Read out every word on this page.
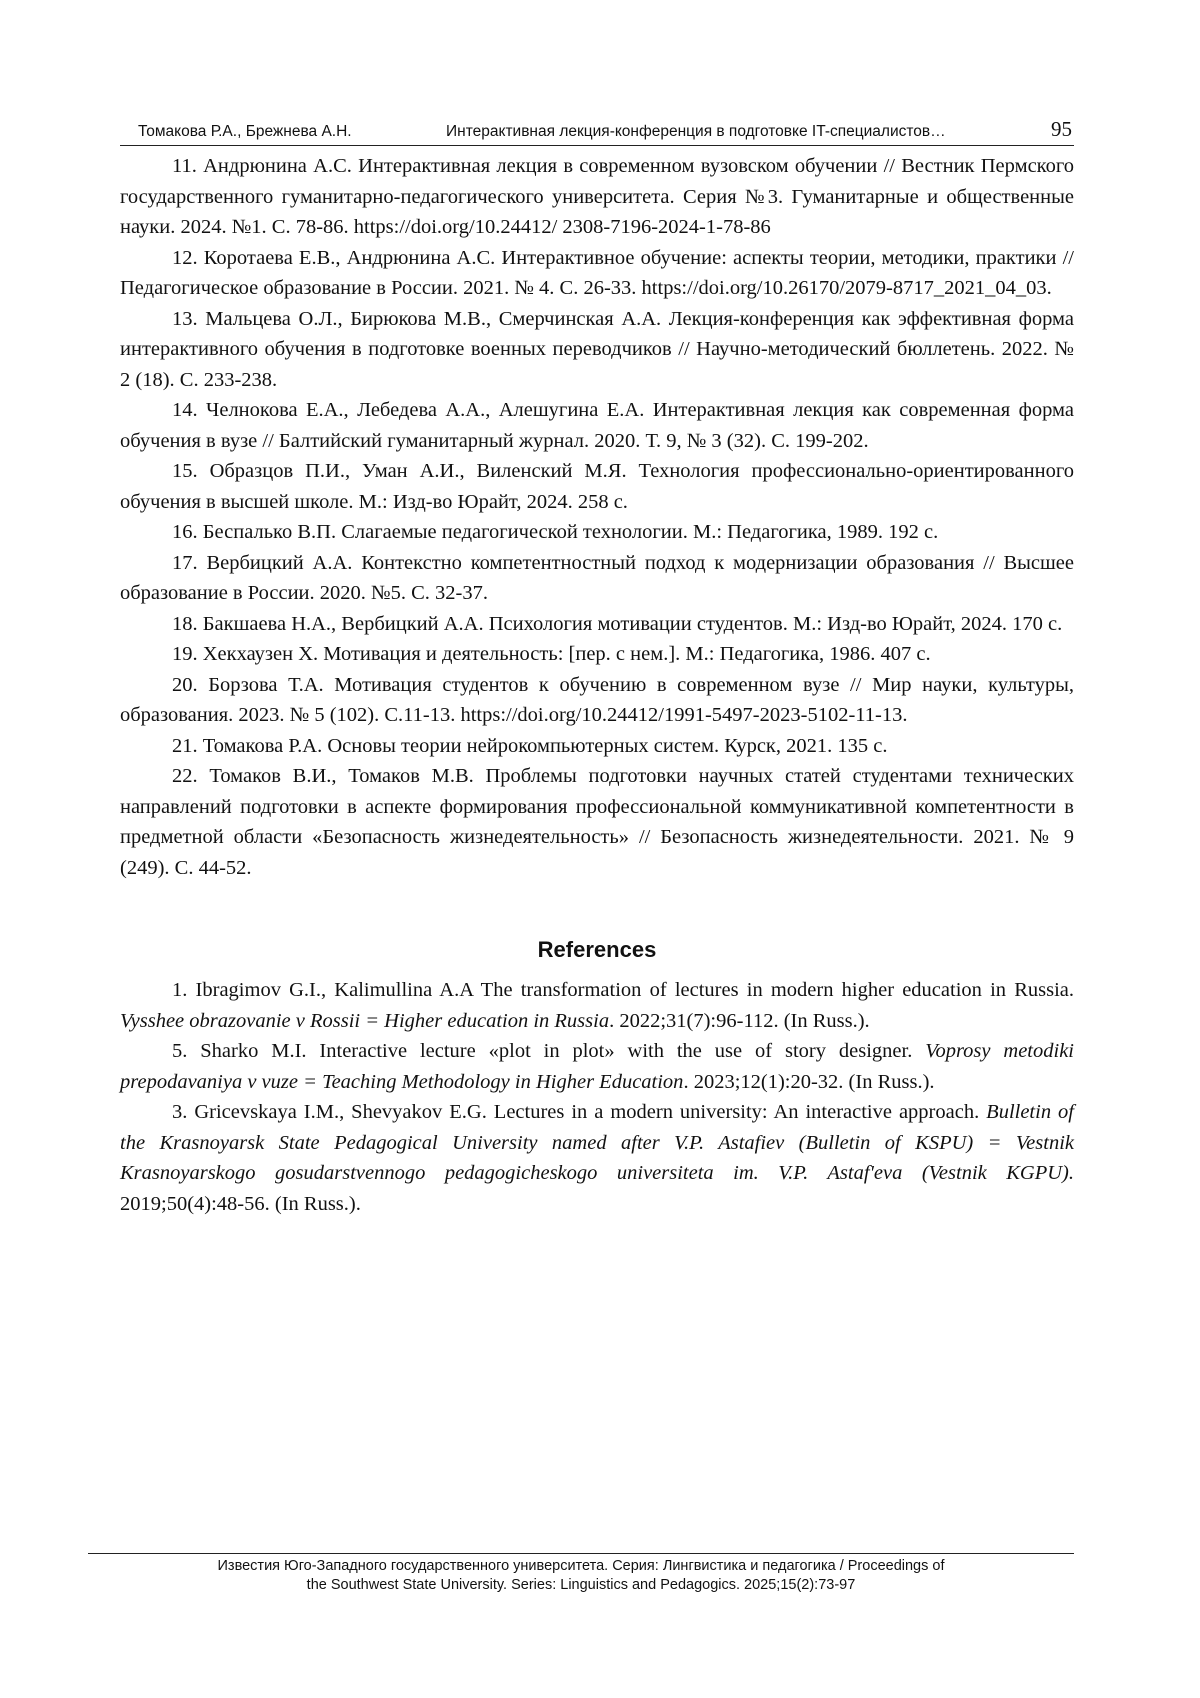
Томакова Р.А., Брежнева А.Н.	Интерактивная лекция-конференция в подготовке IT-специалистов…	95

11. Андрюнина А.С. Интерактивная лекция в современном вузовском обучении // Вестник Пермского государственного гуманитарно-педагогического университета. Серия №3. Гуманитарные и общественные науки. 2024. №1. С. 78-86. https://doi.org/10.24412/ 2308-7196-2024-1-78-86

12. Коротаева Е.В., Андрюнина А.С. Интерактивное обучение: аспекты теории, методики, практики // Педагогическое образование в России. 2021. № 4. С. 26-33. https://doi.org/10.26170/2079-8717_2021_04_03.

13. Мальцева О.Л., Бирюкова М.В., Смерчинская А.А. Лекция-конференция как эффективная форма интерактивного обучения в подготовке военных переводчиков // Научно-методический бюллетень. 2022. № 2 (18). С. 233-238.

14. Челнокова Е.А., Лебедева А.А., Алешугина Е.А. Интерактивная лекция как современная форма обучения в вузе // Балтийский гуманитарный журнал. 2020. Т. 9, № 3 (32). С. 199-202.

15. Образцов П.И., Уман А.И., Виленский М.Я. Технология профессионально-ориентированного обучения в высшей школе. М.: Изд-во Юрайт, 2024. 258 с.

16. Беспалько В.П. Слагаемые педагогической технологии. М.: Педагогика, 1989. 192 с.

17. Вербицкий А.А. Контекстно компетентностный подход к модернизации образования // Высшее образование в России. 2020. №5. С. 32-37.

18. Бакшаева Н.А., Вербицкий А.А. Психология мотивации студентов. М.: Изд-во Юрайт, 2024. 170 с.

19. Хекхаузен Х. Мотивация и деятельность: [пер. с нем.]. М.: Педагогика, 1986. 407 с.

20. Борзова Т.А. Мотивация студентов к обучению в современном вузе // Мир науки, культуры, образования. 2023. № 5 (102). С.11-13. https://doi.org/10.24412/1991-5497-2023-5102-11-13.

21. Томакова Р.А. Основы теории нейрокомпьютерных систем. Курск, 2021. 135 с.

22. Томаков В.И., Томаков М.В. Проблемы подготовки научных статей студентами технических направлений подготовки в аспекте формирования профессиональной коммуникативной компетентности в предметной области «Безопасность жизнедеятельность» // Безопасность жизнедеятельности. 2021. № 9 (249). С. 44-52.

References

1. Ibragimov G.I., Kalimullina A.A The transformation of lectures in modern higher education in Russia. Vysshee obrazovanie v Rossii = Higher education in Russia. 2022;31(7):96-112. (In Russ.).

5. Sharko M.I. Interactive lecture «plot in plot» with the use of story designer. Voprosy metodiki prepodavaniya v vuze = Teaching Methodology in Higher Education. 2023;12(1):20-32. (In Russ.).

3. Gricevskaya I.M., Shevyakov E.G. Lectures in a modern university: An interactive approach. Bulletin of the Krasnoyarsk State Pedagogical University named after V.P. Astafiev (Bulletin of KSPU) = Vestnik Krasnoyarskogo gosudarstvennogo pedagogicheskogo universiteta im. V.P. Astaf'eva (Vestnik KGPU). 2019;50(4):48-56. (In Russ.).

Известия Юго-Западного государственного университета. Серия: Лингвистика и педагогика / Proceedings of
the Southwest State University. Series: Linguistics and Pedagogics. 2025;15(2):73-97
